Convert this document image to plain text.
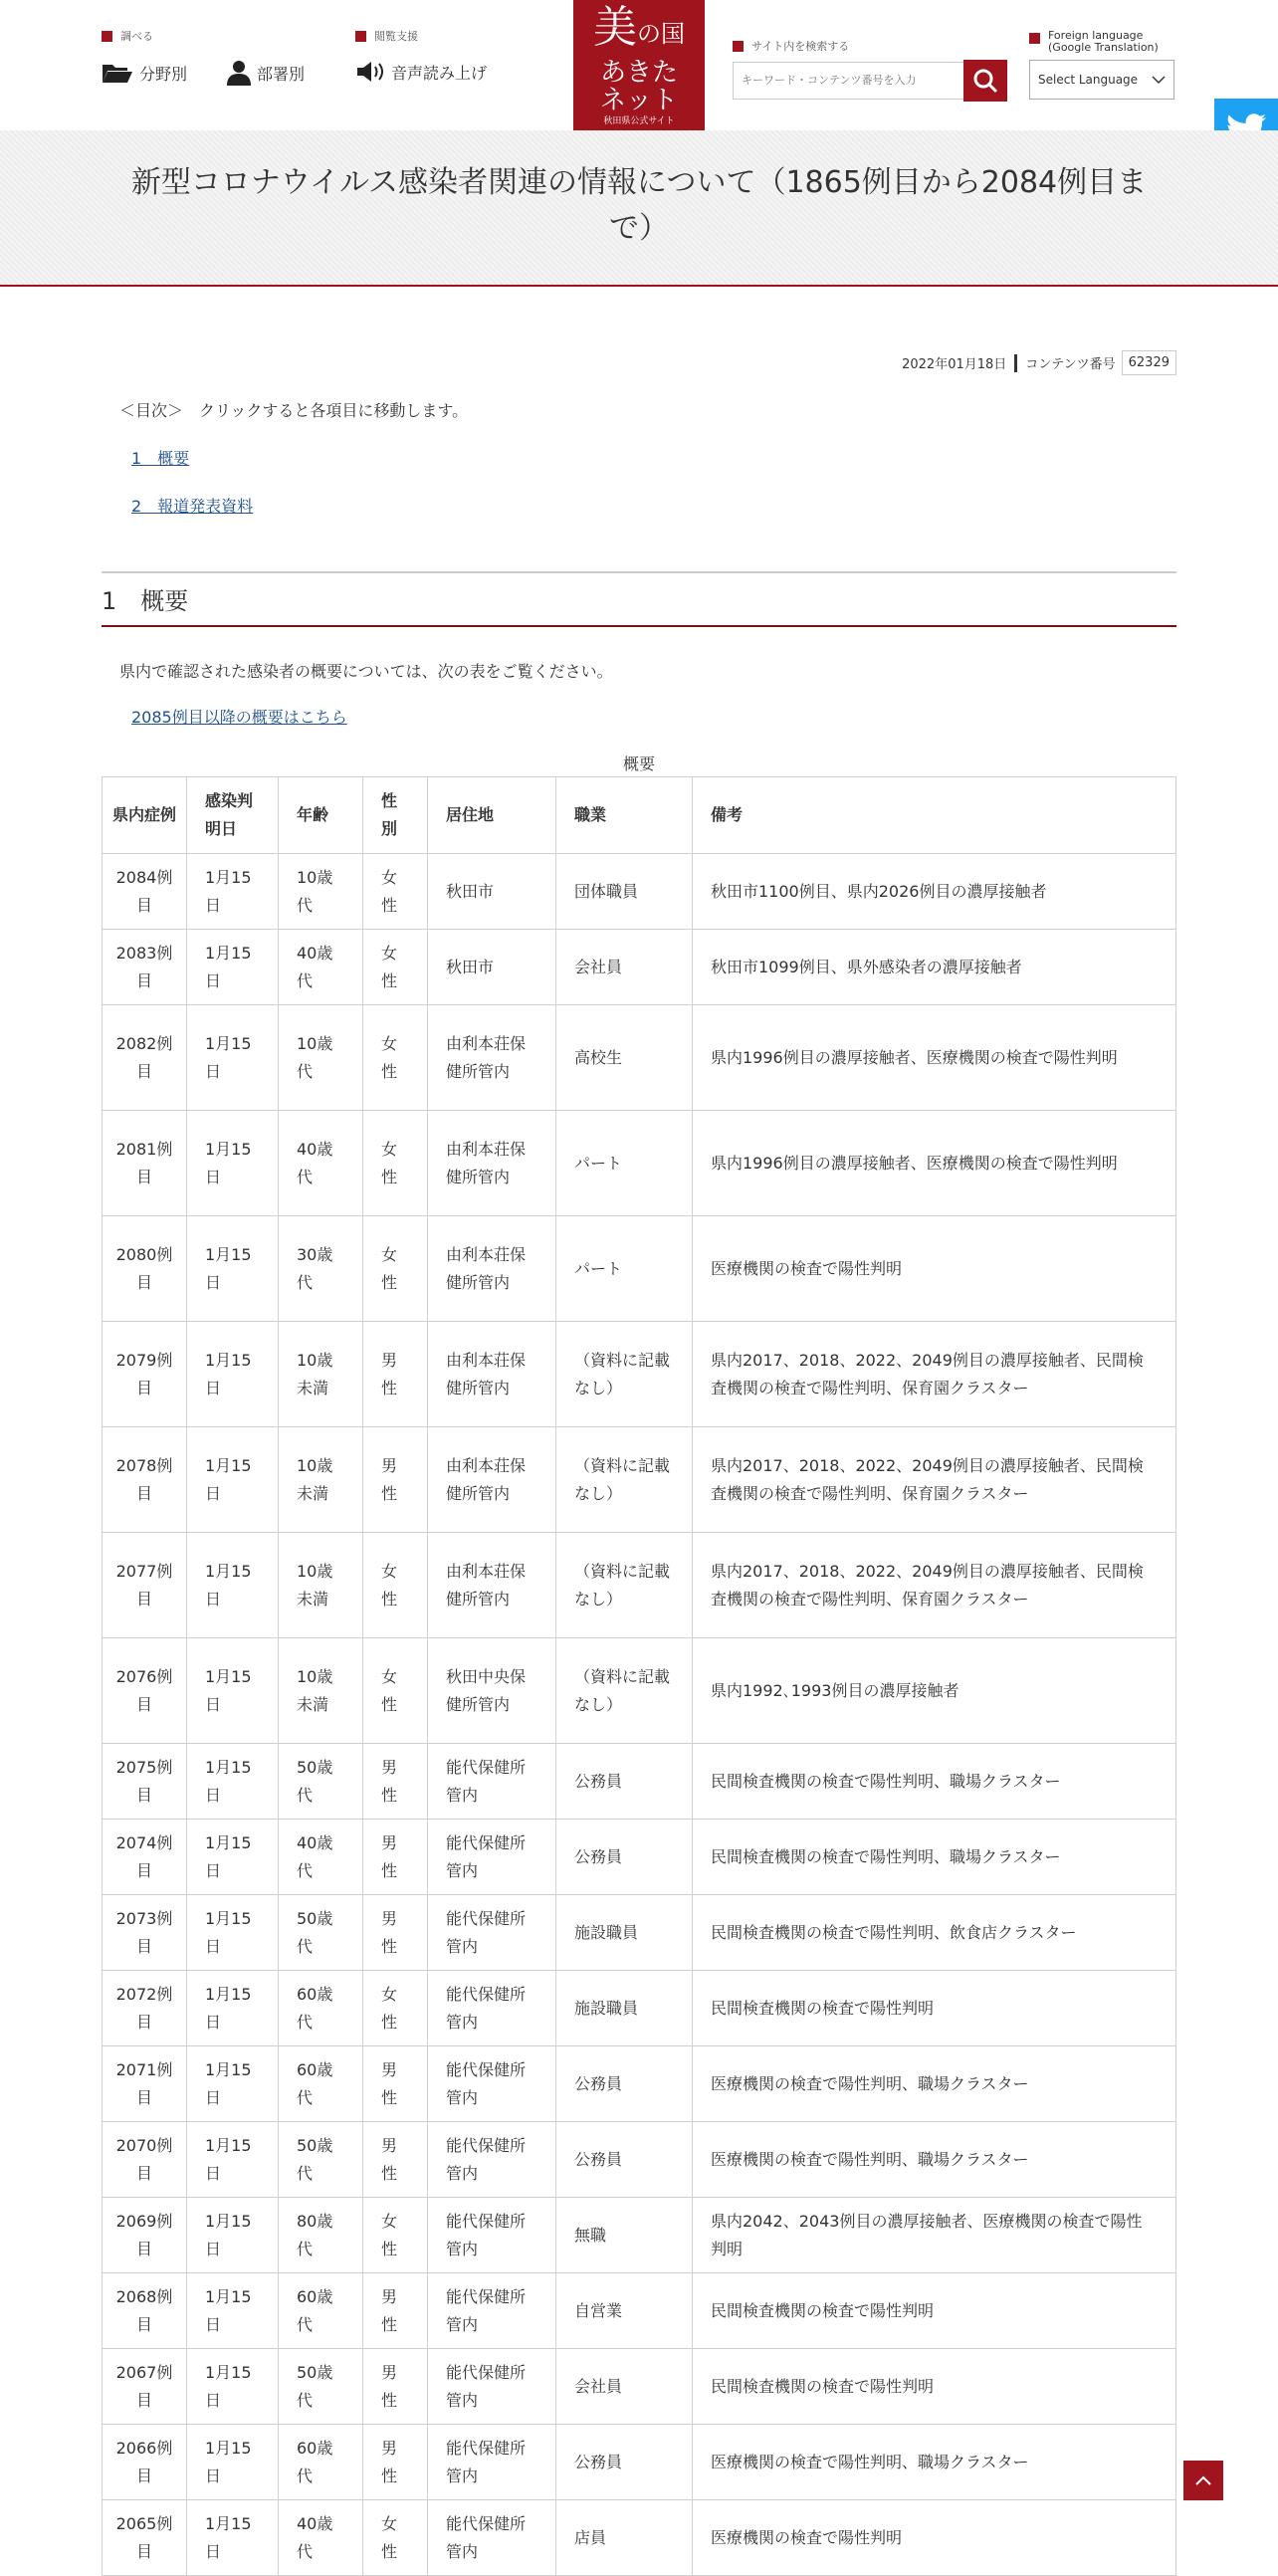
調べる
分野別	部署別
閲覧支援
音声読み上げ
美の国
あきた
ネット
秋田県公式サイト
サイト内を検索する
キーワード・コンテンツ番号を入力
Foreign language
(Google Translation)
Select Language
新型コロナウイルス感染者関連の情報について（1865例目から2084例目まで）
2022年01月18日 コンテンツ番号	62329
＜目次＞　クリックすると各項目に移動します。
1　概要
2　報道発表資料
1　概要
県内で確認された感染者の概要については、次の表をご覧ください。
2085例目以降の概要はこちら
概要
県内症例	感染判明日	年齢	性別	居住地	職業	備考
2084例目	1月15日	10歳代	女性	秋田市	団体職員	秋田市1100例目、県内2026例目の濃厚接触者
2083例目	1月15日	40歳代	女性	秋田市	会社員	秋田市1099例目、県外感染者の濃厚接触者
2082例目	1月15日	10歳代	女性	由利本荘保健所管内	高校生	県内1996例目の濃厚接触者、医療機関の検査で陽性判明
2081例目	1月15日	40歳代	女性	由利本荘保健所管内	パート	県内1996例目の濃厚接触者、医療機関の検査で陽性判明
2080例目	1月15日	30歳代	女性	由利本荘保健所管内	パート	医療機関の検査で陽性判明
2079例目	1月15日	10歳未満	男性	由利本荘保健所管内	（資料に記載なし）	県内2017、2018、2022、2049例目の濃厚接触者、民間検査機関の検査で陽性判明、保育園クラスター
2078例目	1月15日	10歳未満	男性	由利本荘保健所管内	（資料に記載なし）	県内2017、2018、2022、2049例目の濃厚接触者、民間検査機関の検査で陽性判明、保育園クラスター
2077例目	1月15日	10歳未満	女性	由利本荘保健所管内	（資料に記載なし）	県内2017、2018、2022、2049例目の濃厚接触者、民間検査機関の検査で陽性判明、保育園クラスター
2076例目	1月15日	10歳未満	女性	秋田中央保健所管内	（資料に記載なし）	県内1992､1993例目の濃厚接触者
2075例目	1月15日	50歳代	男性	能代保健所管内	公務員	民間検査機関の検査で陽性判明、職場クラスター
2074例目	1月15日	40歳代	男性	能代保健所管内	公務員	民間検査機関の検査で陽性判明、職場クラスター
2073例目	1月15日	50歳代	男性	能代保健所管内	施設職員	民間検査機関の検査で陽性判明、飲食店クラスター
2072例目	1月15日	60歳代	女性	能代保健所管内	施設職員	民間検査機関の検査で陽性判明
2071例目	1月15日	60歳代	男性	能代保健所管内	公務員	医療機関の検査で陽性判明、職場クラスター
2070例目	1月15日	50歳代	男性	能代保健所管内	公務員	医療機関の検査で陽性判明、職場クラスター
2069例目	1月15日	80歳代	女性	能代保健所管内	無職	県内2042、2043例目の濃厚接触者、医療機関の検査で陽性判明
2068例目	1月15日	60歳代	男性	能代保健所管内	自営業	民間検査機関の検査で陽性判明
2067例目	1月15日	50歳代	男性	能代保健所管内	会社員	民間検査機関の検査で陽性判明
2066例目	1月15日	60歳代	男性	能代保健所管内	公務員	医療機関の検査で陽性判明、職場クラスター
2065例目	1月15日	40歳代	女性	能代保健所管内	店員	医療機関の検査で陽性判明
